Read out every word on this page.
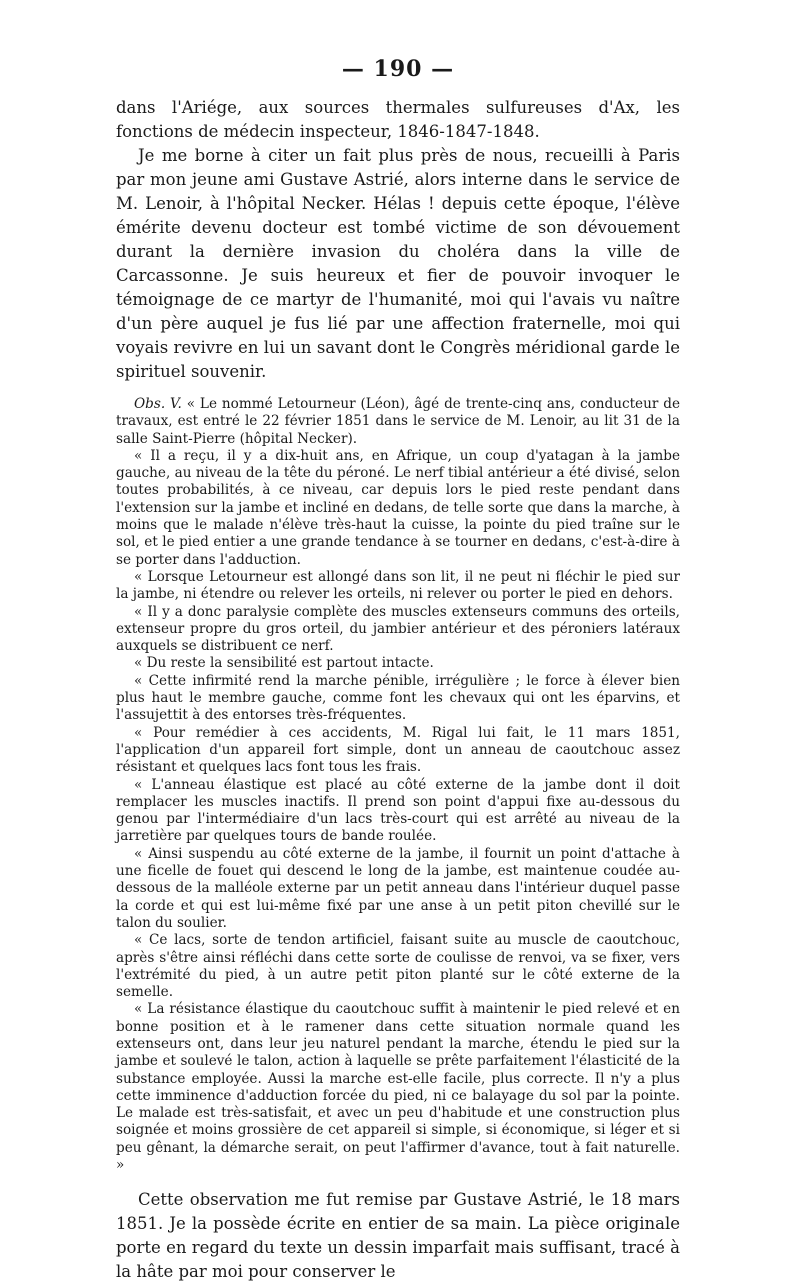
— 190 —

dans l'Ariége, aux sources thermales sulfureuses d'Ax, les fonctions de médecin inspecteur, 1846-1847-1848.

Je me borne à citer un fait plus près de nous, recueilli à Paris par mon jeune ami Gustave Astrié, alors interne dans le service de M. Lenoir, à l'hôpital Necker. Hélas ! depuis cette époque, l'élève émérite devenu docteur est tombé victime de son dévouement durant la dernière invasion du choléra dans la ville de Carcassonne. Je suis heureux et fier de pouvoir invoquer le témoignage de ce martyr de l'humanité, moi qui l'avais vu naître d'un père auquel je fus lié par une affection fraternelle, moi qui voyais revivre en lui un savant dont le Congrès méridional garde le spirituel souvenir.

Obs. V. « Le nommé Letourneur (Léon), âgé de trente-cinq ans, conducteur de travaux, est entré le 22 février 1851 dans le service de M. Lenoir, au lit 31 de la salle Saint-Pierre (hôpital Necker).

« Il a reçu, il y a dix-huit ans, en Afrique, un coup d'yatagan à la jambe gauche, au niveau de la tête du péroné. Le nerf tibial antérieur a été divisé, selon toutes probabilités, à ce niveau, car depuis lors le pied reste pendant dans l'extension sur la jambe et incliné en dedans, de telle sorte que dans la marche, à moins que le malade n'élève très-haut la cuisse, la pointe du pied traîne sur le sol, et le pied entier a une grande tendance à se tourner en dedans, c'est-à-dire à se porter dans l'adduction.

« Lorsque Letourneur est allongé dans son lit, il ne peut ni fléchir le pied sur la jambe, ni étendre ou relever les orteils, ni relever ou porter le pied en dehors.

« Il y a donc paralysie complète des muscles extenseurs communs des orteils, extenseur propre du gros orteil, du jambier antérieur et des péroniers latéraux auxquels se distribuent ce nerf.

« Du reste la sensibilité est partout intacte.

« Cette infirmité rend la marche pénible, irrégulière ; le force à élever bien plus haut le membre gauche, comme font les chevaux qui ont les éparvins, et l'assujettit à des entorses très-fréquentes.

« Pour remédier à ces accidents, M. Rigal lui fait, le 11 mars 1851, l'application d'un appareil fort simple, dont un anneau de caoutchouc assez résistant et quelques lacs font tous les frais.

« L'anneau élastique est placé au côté externe de la jambe dont il doit remplacer les muscles inactifs. Il prend son point d'appui fixe au-dessous du genou par l'intermédiaire d'un lacs très-court qui est arrêté au niveau de la jarretière par quelques tours de bande roulée.

« Ainsi suspendu au côté externe de la jambe, il fournit un point d'attache à une ficelle de fouet qui descend le long de la jambe, est maintenue coudée au-dessous de la malléole externe par un petit anneau dans l'intérieur duquel passe la corde et qui est lui-même fixé par une anse à un petit piton chevillé sur le talon du soulier.

« Ce lacs, sorte de tendon artificiel, faisant suite au muscle de caoutchouc, après s'être ainsi réfléchi dans cette sorte de coulisse de renvoi, va se fixer, vers l'extrémité du pied, à un autre petit piton planté sur le côté externe de la semelle.

« La résistance élastique du caoutchouc suffit à maintenir le pied relevé et en bonne position et à le ramener dans cette situation normale quand les extenseurs ont, dans leur jeu naturel pendant la marche, étendu le pied sur la jambe et soulevé le talon, action à laquelle se prête parfaitement l'élasticité de la substance employée. Aussi la marche est-elle facile, plus correcte. Il n'y a plus cette imminence d'adduction forcée du pied, ni ce balayage du sol par la pointe. Le malade est très-satisfait, et avec un peu d'habitude et une construction plus soignée et moins grossière de cet appareil si simple, si économique, si léger et si peu gênant, la démarche serait, on peut l'affirmer d'avance, tout à fait naturelle. »

Cette observation me fut remise par Gustave Astrié, le 18 mars 1851. Je la possède écrite en entier de sa main. La pièce originale porte en regard du texte un dessin imparfait mais suffisant, tracé à la hâte par moi pour conserver le
